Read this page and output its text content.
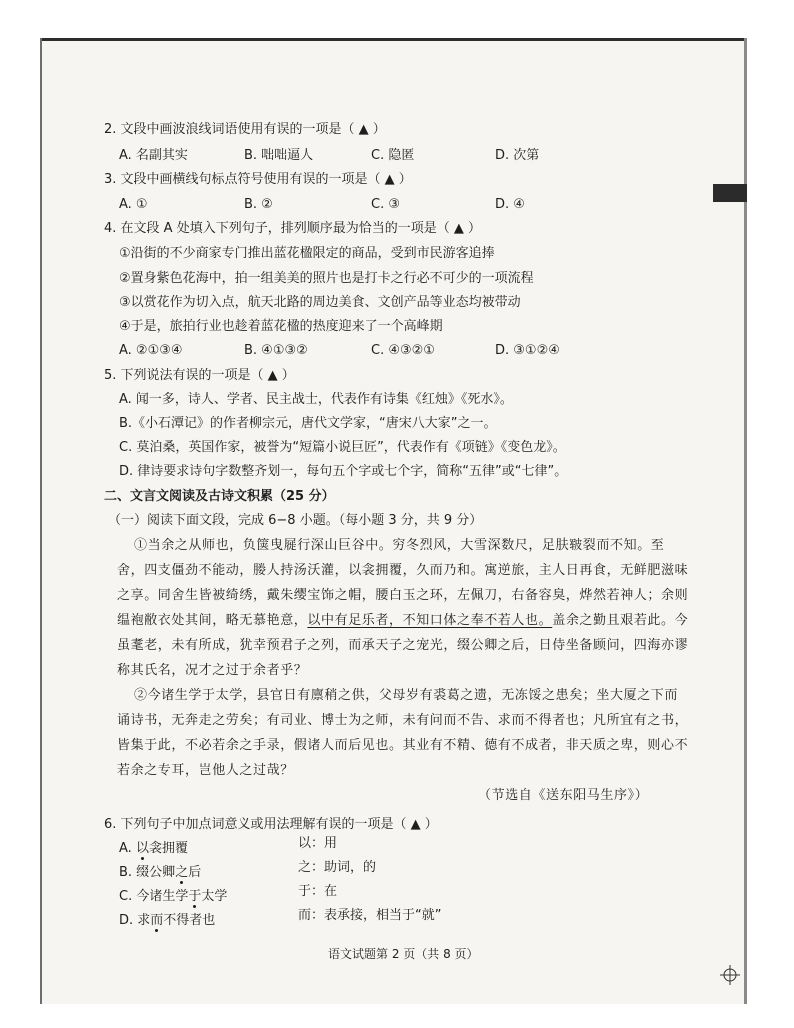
2. 文段中画波浪线词语使用有误的一项是（ ▲ ）
A. 名副其实	B. 咄咄逼人	C. 隐匿	D. 次第
3. 文段中画横线句标点符号使用有误的一项是（ ▲ ）
A. ①	B. ②	C. ③	D. ④
4. 在文段 A 处填入下列句子，排列顺序最为恰当的一项是（ ▲ ）
①沿街的不少商家专门推出蓝花楹限定的商品，受到市民游客追捧
②置身紫色花海中，拍一组美美的照片也是打卡之行必不可少的一项流程
③以赏花作为切入点，航天北路的周边美食、文创产品等业态均被带动
④于是，旅拍行业也趁着蓝花楹的热度迎来了一个高峰期
A. ②①③④	B. ④①③②	C. ④③②①	D. ③①②④
5. 下列说法有误的一项是（ ▲ ）
A. 闻一多，诗人、学者、民主战士，代表作有诗集《红烛》《死水》。
B.《小石潭记》的作者柳宗元，唐代文学家，“唐宋八大家”之一。
C. 莫泊桑，英国作家，被誉为“短篇小说巨匠”，代表作有《项链》《变色龙》。
D. 律诗要求诗句字数整齐划一，每句五个字或七个字，简称“五律”或“七律”。
二、文言文阅读及古诗文积累（25 分）
（一）阅读下面文段，完成 6−8 小题。（每小题 3 分，共 9 分）
①当余之从师也，负箧曳屣行深山巨谷中。穷冬烈风，大雪深数尺，足肤皲裂而不知。至
舍，四支僵劲不能动，媵人持汤沃灌，以衾拥覆，久而乃和。寓逆旅，主人日再食，无鲜肥滋味
之享。同舍生皆被绮绣，戴朱缨宝饰之帽，腰白玉之环，左佩刀，右备容臭，烨然若神人；余则
缊袍敝衣处其间，略无慕艳意，以中有足乐者，不知口体之奉不若人也。盖余之勤且艰若此。今
虽耄老，未有所成，犹幸预君子之列，而承天子之宠光，缀公卿之后，日侍坐备顾问，四海亦谬
称其氏名，况才之过于余者乎？
②今诸生学于太学，县官日有廪稍之供，父母岁有裘葛之遗，无冻馁之患矣；坐大厦之下而
诵诗书，无奔走之劳矣；有司业、博士为之师，未有问而不告、求而不得者也；凡所宜有之书，
皆集于此，不必若余之手录，假诸人而后见也。其业有不精、德有不成者，非天质之卑，则心不
若余之专耳，岂他人之过哉？
（节选自《送东阳马生序》）
6. 下列句子中加点词意义或用法理解有误的一项是（ ▲ ）
A. 以衾拥覆	以：用
B. 缀公卿之后	之：助词，的
C. 今诸生学于太学	于：在
D. 求而不得者也	而：表承接，相当于“就”
语文试题第 2 页（共 8 页）
